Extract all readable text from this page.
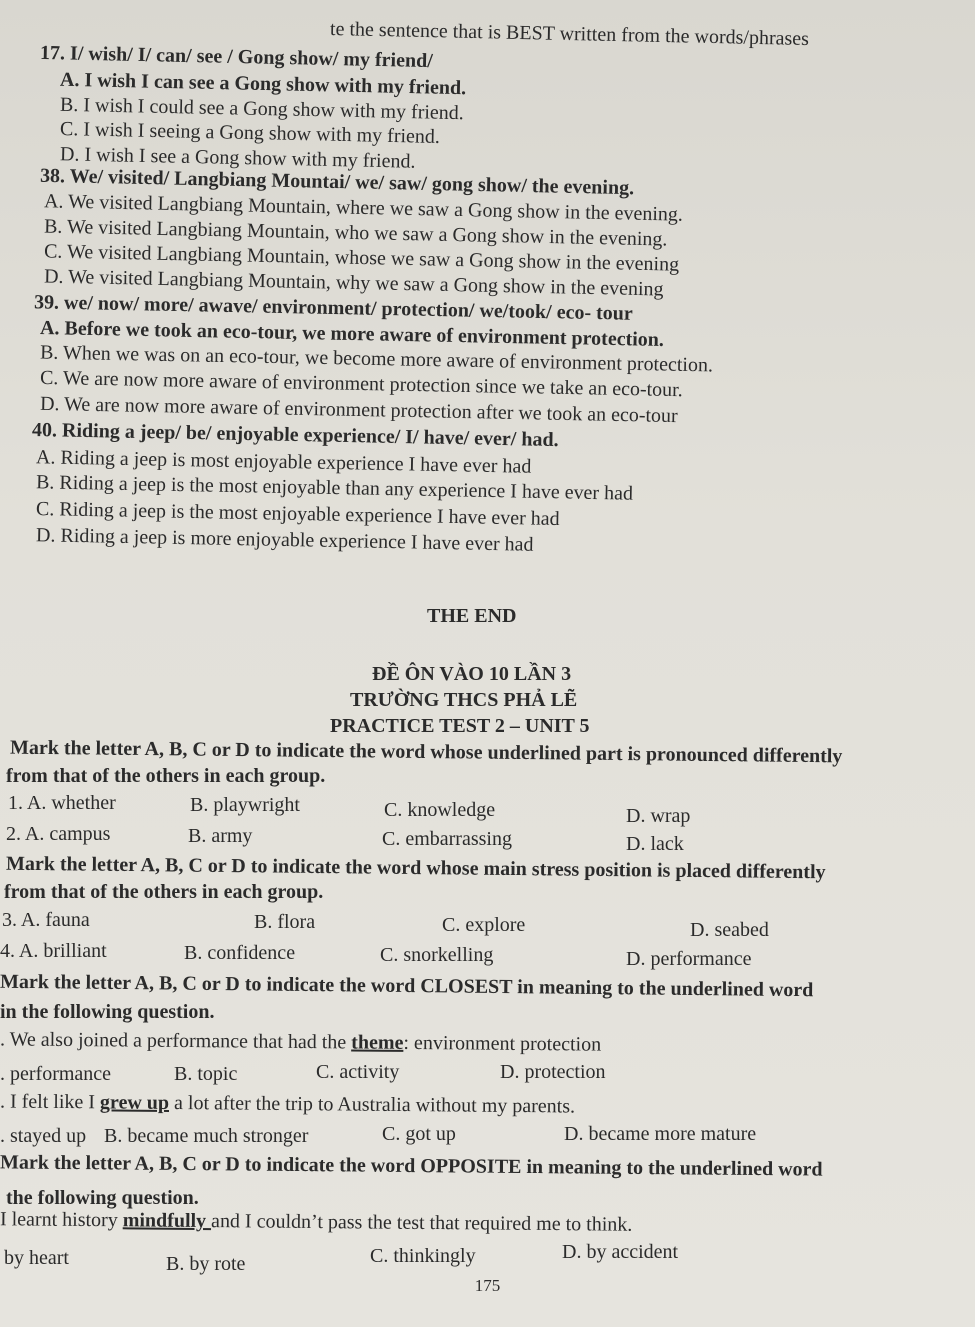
te the sentence that is BEST written from the words/phrases
17. I/ wish/ I/ can/ see / Gong show/ my friend/
A. I wish I can see a Gong show with my friend.
B. I wish I could see a Gong show with my friend.
C. I wish I seeing a Gong show with my friend.
D. I wish I see a Gong show with my friend.
38. We/ visited/ Langbiang Mountai/ we/ saw/ gong show/ the evening.
A. We visited Langbiang Mountain, where we saw a Gong show in the evening.
B. We visited Langbiang Mountain, who we saw a Gong show in the evening.
C. We visited Langbiang Mountain, whose we saw a Gong show in the evening
D. We visited Langbiang Mountain, why we saw a Gong show in the evening
39. we/ now/ more/ awave/ environment/ protection/ we/took/ eco- tour
A. Before we took an eco-tour, we more aware of environment protection.
B. When we was on an eco-tour, we become more aware of environment protection.
C. We are now more aware of environment protection since we take an eco-tour.
D. We are now more aware of environment protection after we took an eco-tour
40. Riding a jeep/ be/ enjoyable experience/ I/ have/ ever/ had.
A. Riding a jeep is most enjoyable experience I have ever had
B. Riding a jeep is the most enjoyable than any experience I have ever had
C. Riding a jeep is the most enjoyable experience I have ever had
D. Riding a jeep is more enjoyable experience I have ever had
THE END
ĐỀ ÔN VÀO 10 LẦN 3
TRƯỜNG THCS PHẢ LẼ
PRACTICE TEST 2 – UNIT 5
Mark the letter A, B, C or D to indicate the word whose underlined part is pronounced differently
from that of the others in each group.
1. A. whether	B. playwright	C. knowledge	D. wrap
2. A. campus	B. army	C. embarrassing	D. lack
Mark the letter A, B, C or D to indicate the word whose main stress position is placed differently
from that of the others in each group.
3. A. fauna	B. flora	C. explore	D. seabed
4. A. brilliant	B. confidence	C. snorkelling	D. performance
Mark the letter A, B, C or D to indicate the word CLOSEST in meaning to the underlined word
in the following question.
. We also joined a performance that had the theme: environment protection
. performance	B. topic	C. activity	D. protection
. I felt like I grew up a lot after the trip to Australia without my parents.
. stayed up B. became much stronger	C. got up	D. became more mature
Mark the letter A, B, C or D to indicate the word OPPOSITE in meaning to the underlined word
the following question.
I learnt history mindfully and I couldn’t pass the test that required me to think.
by heart	B. by rote	C. thinkingly	D. by accident
175
